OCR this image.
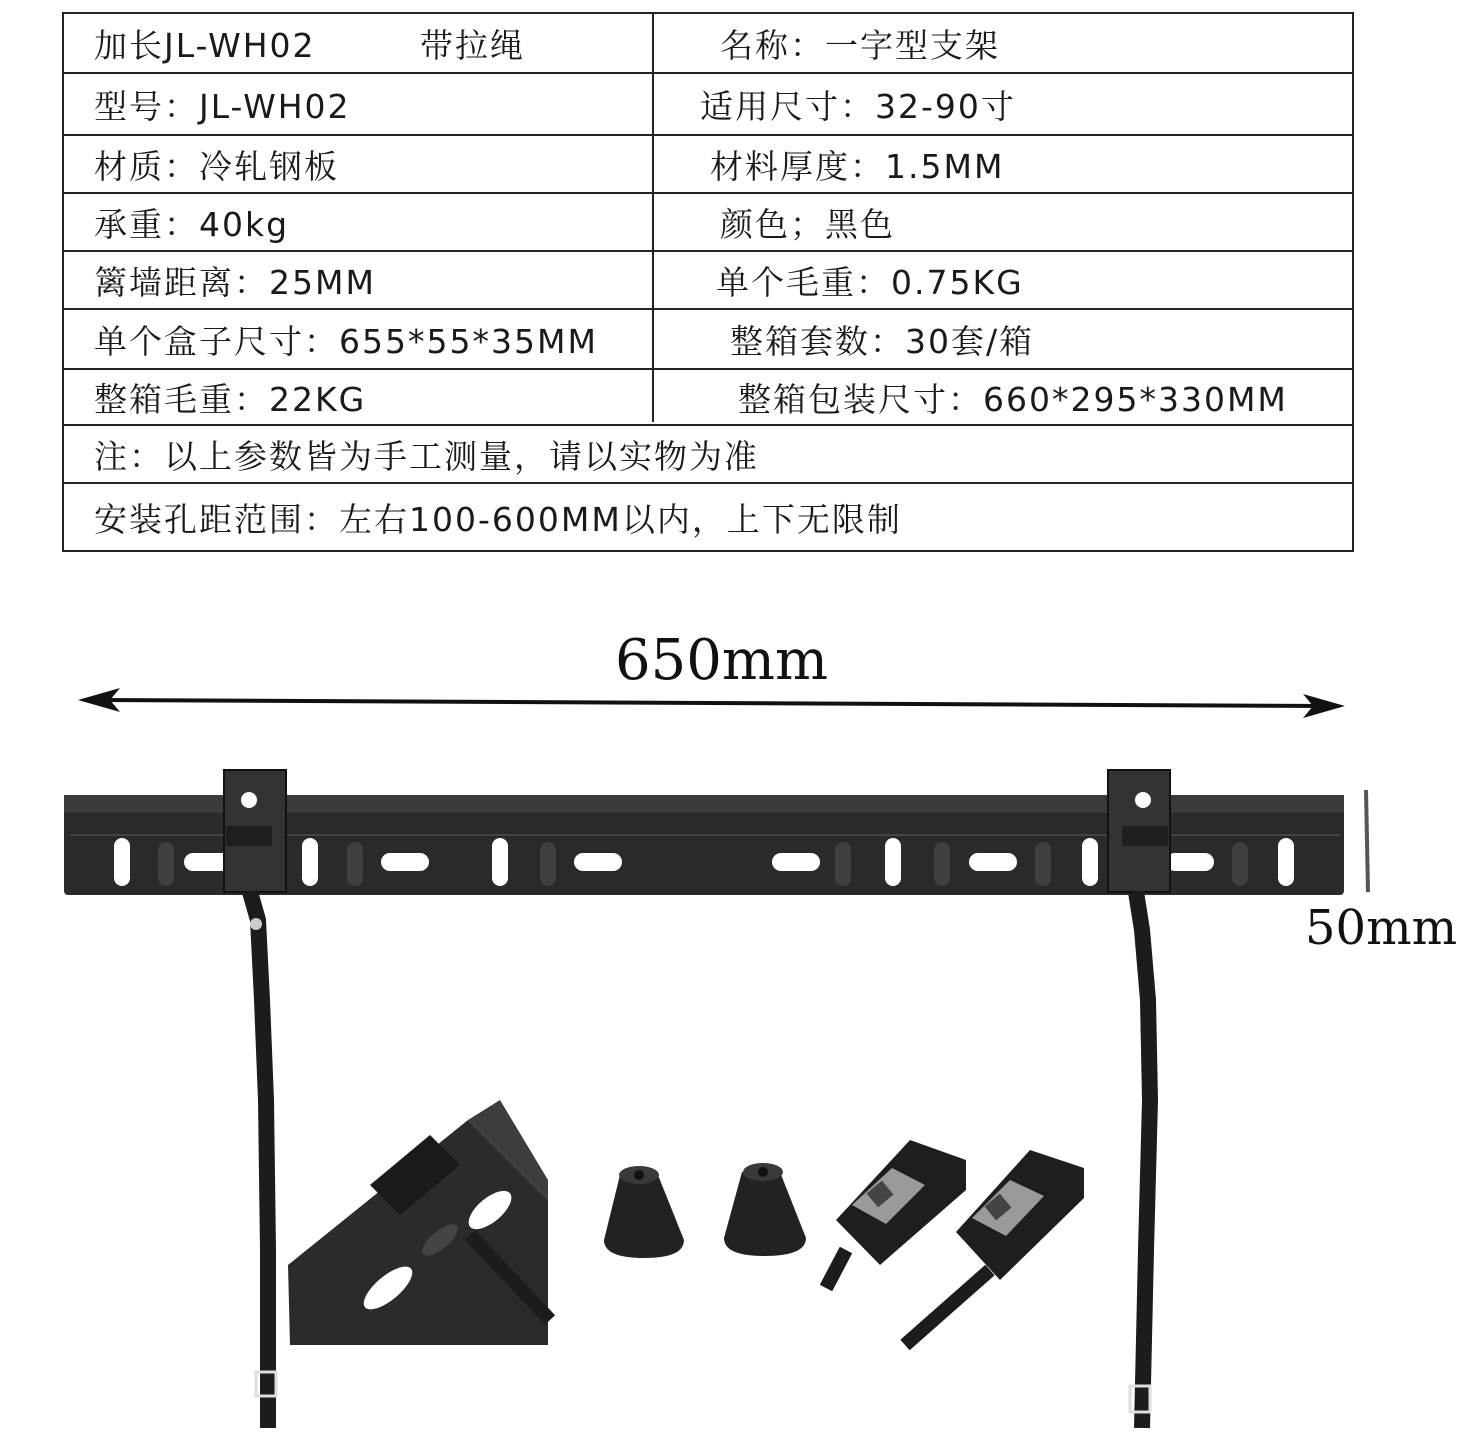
加长JL-WH02	带拉绳	名称：一字型支架
型号：JL-WH02	适用尺寸：32-90寸
材质：冷轧钢板	材料厚度：1.5MM
承重：40kg	颜色；黑色
篱墙距离：25MM	单个毛重：0.75KG
单个盒子尺寸：655*55*35MM	整箱套数：30套/箱
整箱毛重：22KG	整箱包装尺寸：660*295*330MM
注：以上参数皆为手工测量，请以实物为准
安装孔距范围：左右100-600MM以内，上下无限制
650mm
50mm
